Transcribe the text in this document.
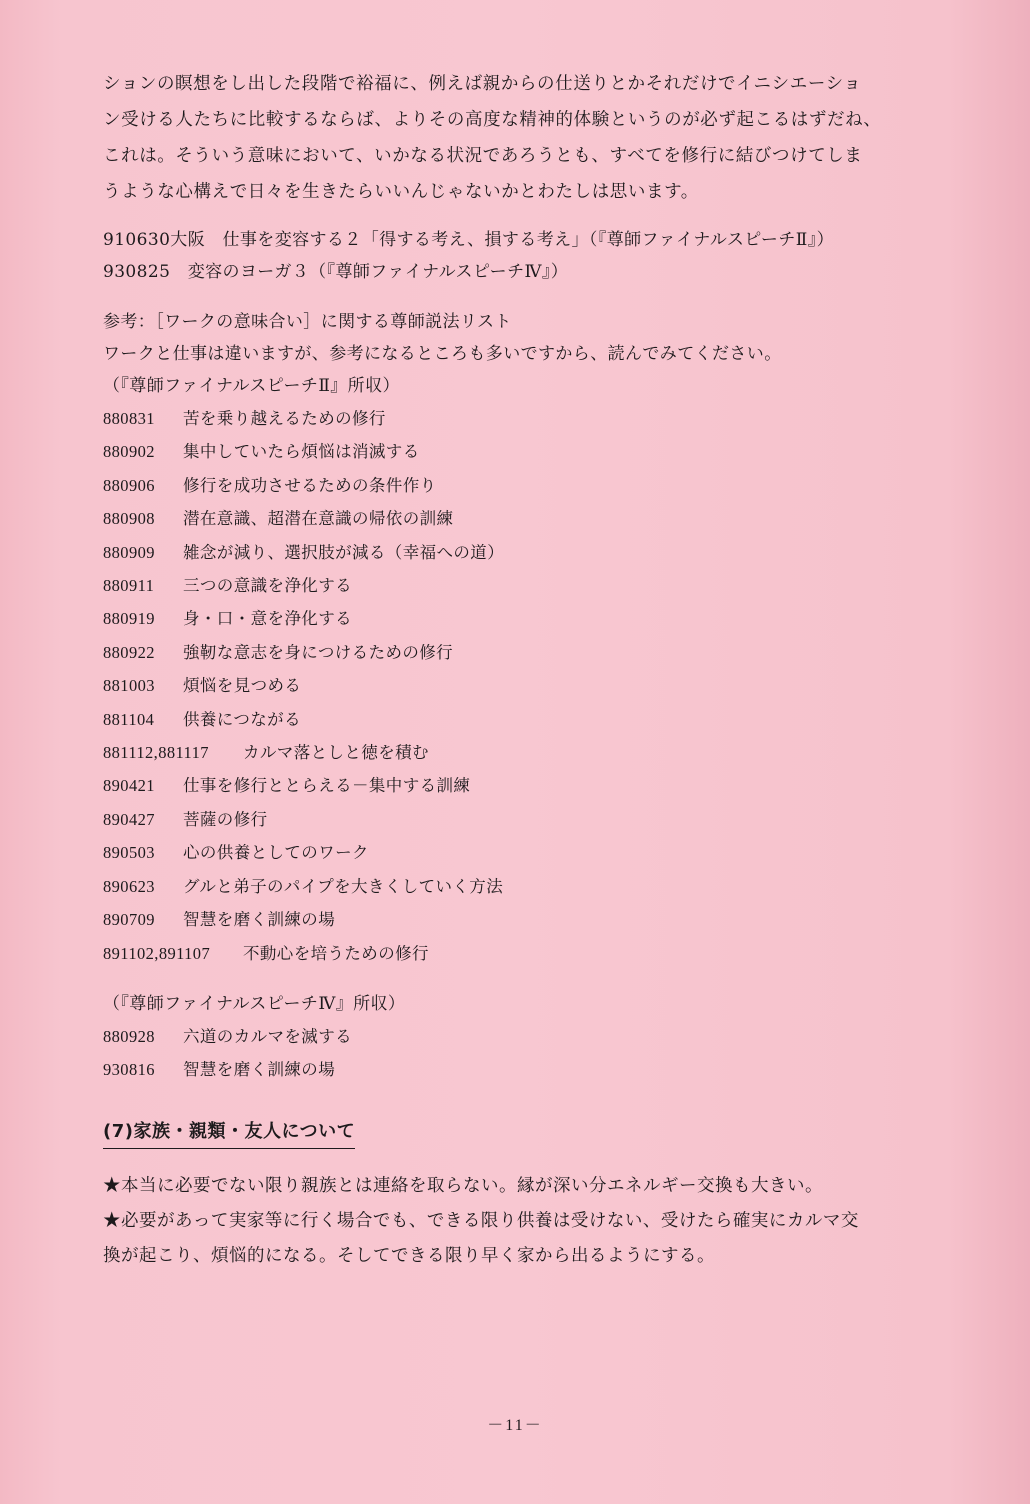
ションの瞑想をし出した段階で裕福に、例えば親からの仕送りとかそれだけでイニシエーショ

ン受ける人たちに比較するならば、よりその高度な精神的体験というのが必ず起こるはずだね、

これは。そういう意味において、いかなる状況であろうとも、すべてを修行に結びつけてしま

うような心構えで日々を生きたらいいんじゃないかとわたしは思います。

910630大阪　仕事を変容する２「得する考え、損する考え」（『尊師ファイナルスピーチⅡ』）

930825　変容のヨーガ３（『尊師ファイナルスピーチⅣ』）

参考：［ワークの意味合い］に関する尊師説法リスト

ワークと仕事は違いますが、参考になるところも多いですから、読んでみてください。

（『尊師ファイナルスピーチⅡ』所収）

880831	苦を乗り越えるための修行
880902	集中していたら煩悩は消滅する
880906	修行を成功させるための条件作り
880908	潜在意識、超潜在意識の帰依の訓練
880909	雑念が減り、選択肢が減る（幸福への道）
880911	三つの意識を浄化する
880919	身・口・意を浄化する
880922	強靭な意志を身につけるための修行
881003	煩悩を見つめる
881104	供養につながる
881112,881117	カルマ落としと徳を積む
890421	仕事を修行ととらえる－集中する訓練
890427	菩薩の修行
890503	心の供養としてのワーク
890623	グルと弟子のパイプを大きくしていく方法
890709	智慧を磨く訓練の場
891102,891107	不動心を培うための修行

（『尊師ファイナルスピーチⅣ』所収）

880928	六道のカルマを滅する
930816	智慧を磨く訓練の場
(7)家族・親類・友人について

★本当に必要でない限り親族とは連絡を取らない。縁が深い分エネルギー交換も大きい。

★必要があって実家等に行く場合でも、できる限り供養は受けない、受けたら確実にカルマ交

換が起こり、煩悩的になる。そしてできる限り早く家から出るようにする。

－11－
